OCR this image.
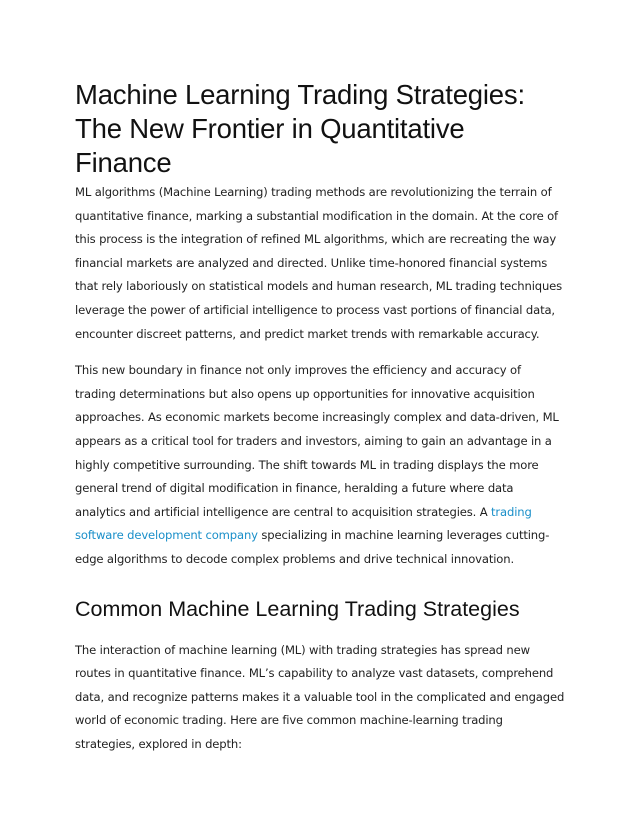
Machine Learning Trading Strategies: The New Frontier in Quantitative Finance

ML algorithms (Machine Learning) trading methods are revolutionizing the terrain of quantitative finance, marking a substantial modification in the domain. At the core of this process is the integration of refined ML algorithms, which are recreating the way financial markets are analyzed and directed. Unlike time-honored financial systems that rely laboriously on statistical models and human research, ML trading techniques leverage the power of artificial intelligence to process vast portions of financial data, encounter discreet patterns, and predict market trends with remarkable accuracy.

This new boundary in finance not only improves the efficiency and accuracy of trading determinations but also opens up opportunities for innovative acquisition approaches. As economic markets become increasingly complex and data-driven, ML appears as a critical tool for traders and investors, aiming to gain an advantage in a highly competitive surrounding. The shift towards ML in trading displays the more general trend of digital modification in finance, heralding a future where data analytics and artificial intelligence are central to acquisition strategies. A trading software development company specializing in machine learning leverages cutting-edge algorithms to decode complex problems and drive technical innovation.

Common Machine Learning Trading Strategies

The interaction of machine learning (ML) with trading strategies has spread new routes in quantitative finance. ML’s capability to analyze vast datasets, comprehend data, and recognize patterns makes it a valuable tool in the complicated and engaged world of economic trading. Here are five common machine-learning trading strategies, explored in depth:
